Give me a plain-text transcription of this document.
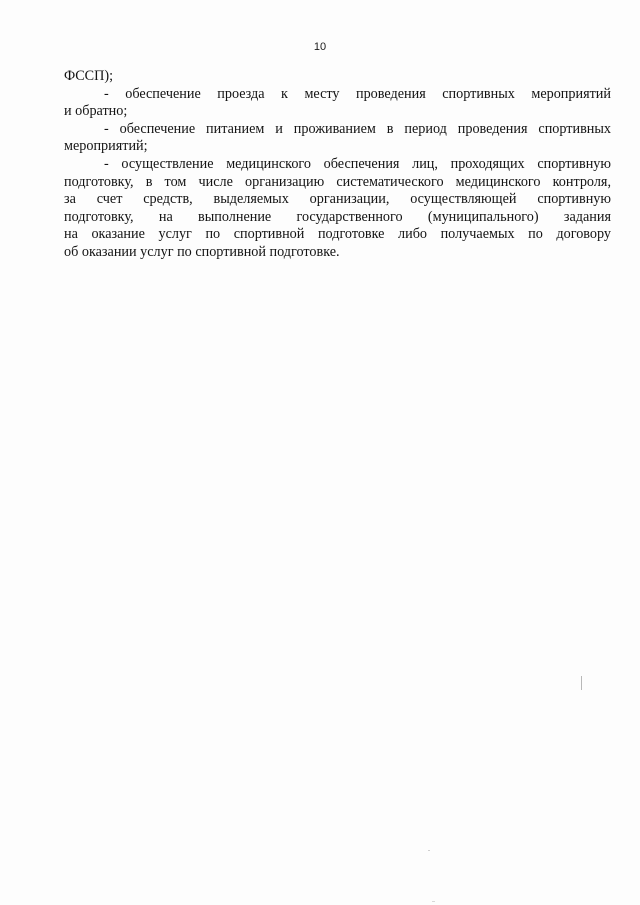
10

ФССП);

- обеспечение проезда к месту проведения спортивных мероприятий
и обратно;

- обеспечение питанием и проживанием в период проведения спортивных
мероприятий;

- осуществление медицинского обеспечения лиц, проходящих спортивную
подготовку, в том числе организацию систематического медицинского контроля,
за счет средств, выделяемых организации, осуществляющей спортивную
подготовку, на выполнение государственного (муниципального) задания
на оказание услуг по спортивной подготовке либо получаемых по договору
об оказании услуг по спортивной подготовке.
